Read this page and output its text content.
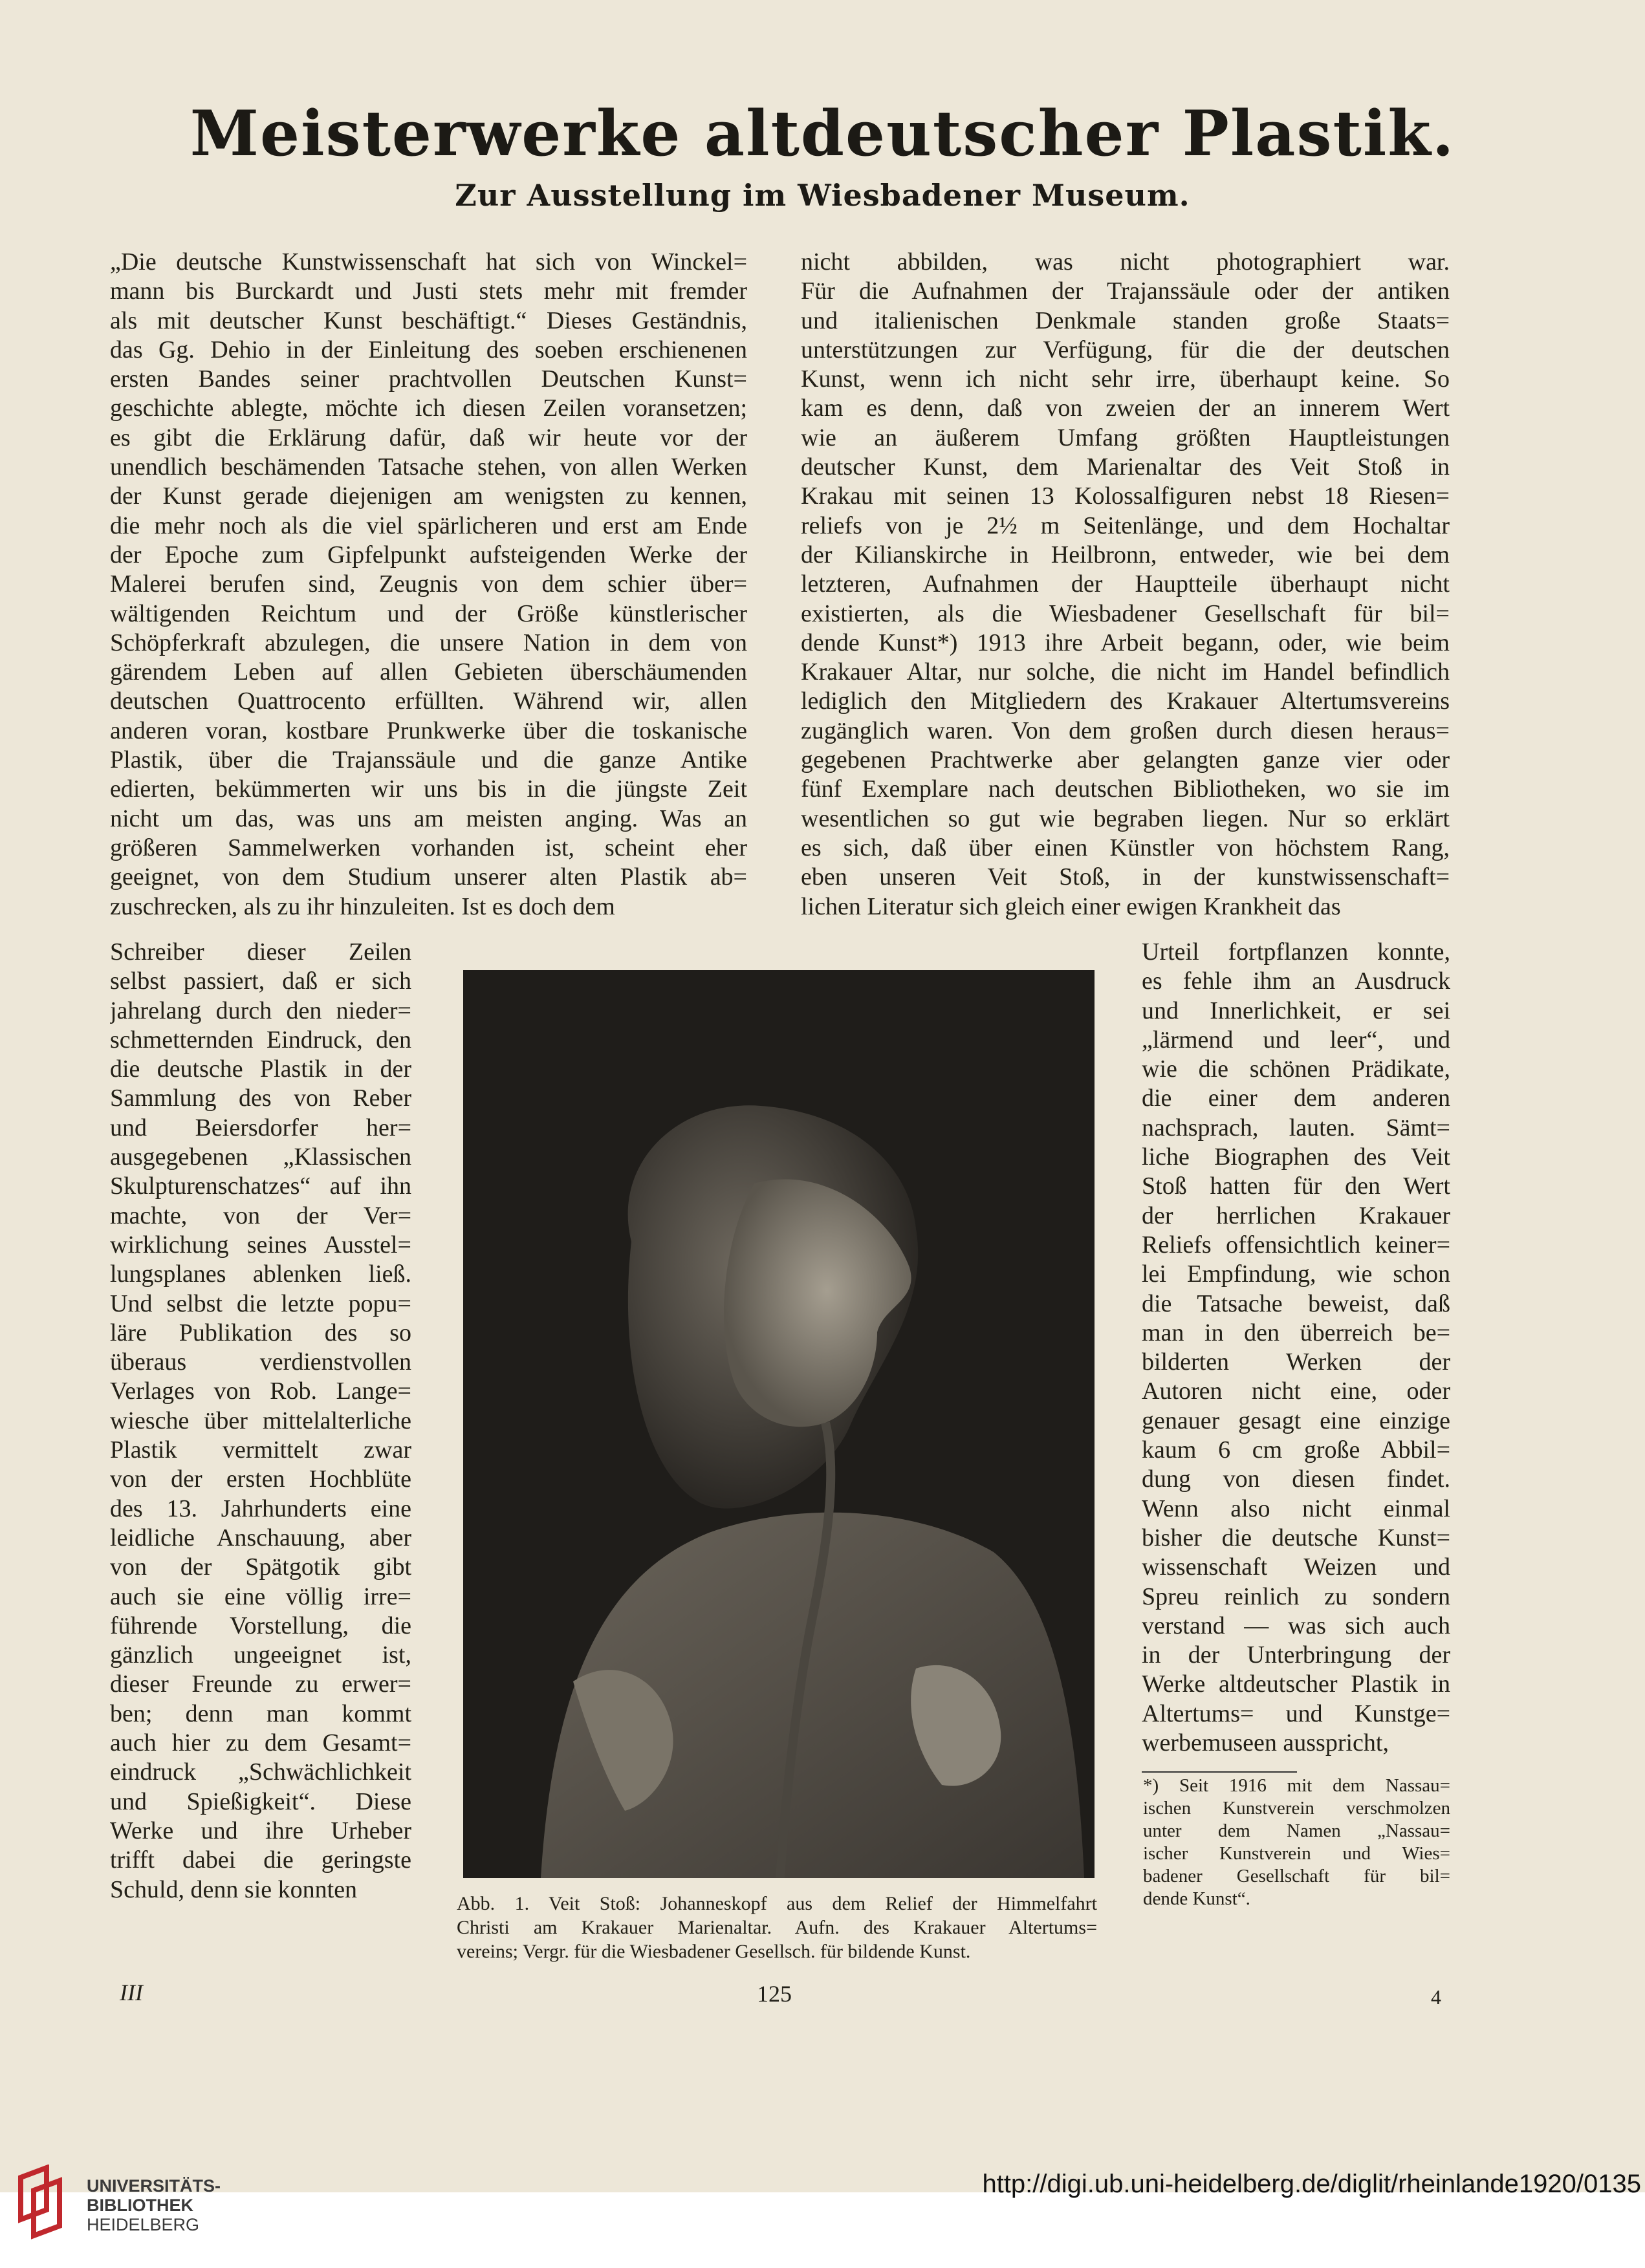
Meisterwerke altdeutscher Plastik.
Zur Ausstellung im Wiesbadener Museum.
„Die deutsche Kunstwissenschaft hat sich von Winckel=
mann bis Burckardt und Justi stets mehr mit fremder
als mit deutscher Kunst beschäftigt.“ Dieses Geständnis,
das Gg. Dehio in der Einleitung des soeben erschienenen
ersten Bandes seiner prachtvollen Deutschen Kunst=
geschichte ablegte, möchte ich diesen Zeilen voransetzen;
es gibt die Erklärung dafür, daß wir heute vor der
unendlich beschämenden Tatsache stehen, von allen Werken
der Kunst gerade diejenigen am wenigsten zu kennen,
die mehr noch als die viel spärlicheren und erst am Ende
der Epoche zum Gipfelpunkt aufsteigenden Werke der
Malerei berufen sind, Zeugnis von dem schier über=
wältigenden Reichtum und der Größe künstlerischer
Schöpferkraft abzulegen, die unsere Nation in dem von
gärendem Leben auf allen Gebieten überschäumenden
deutschen Quattrocento erfüllten. Während wir, allen
anderen voran, kostbare Prunkwerke über die toskanische
Plastik, über die Trajanssäule und die ganze Antike
edierten, bekümmerten wir uns bis in die jüngste Zeit
nicht um das, was uns am meisten anging. Was an
größeren Sammelwerken vorhanden ist, scheint eher
geeignet, von dem Studium unserer alten Plastik ab=
zuschrecken, als zu ihr hinzuleiten. Ist es doch dem
nicht abbilden, was nicht photographiert war.
Für die Aufnahmen der Trajanssäule oder der antiken
und italienischen Denkmale standen große Staats=
unterstützungen zur Verfügung, für die der deutschen
Kunst, wenn ich nicht sehr irre, überhaupt keine. So
kam es denn, daß von zweien der an innerem Wert
wie an äußerem Umfang größten Hauptleistungen
deutscher Kunst, dem Marienaltar des Veit Stoß in
Krakau mit seinen 13 Kolossalfiguren nebst 18 Riesen=
reliefs von je 2½ m Seitenlänge, und dem Hochaltar
der Kilianskirche in Heilbronn, entweder, wie bei dem
letzteren, Aufnahmen der Hauptteile überhaupt nicht
existierten, als die Wiesbadener Gesellschaft für bil=
dende Kunst*) 1913 ihre Arbeit begann, oder, wie beim
Krakauer Altar, nur solche, die nicht im Handel befindlich
lediglich den Mitgliedern des Krakauer Altertumsvereins
zugänglich waren. Von dem großen durch diesen heraus=
gegebenen Prachtwerke aber gelangten ganze vier oder
fünf Exemplare nach deutschen Bibliotheken, wo sie im
wesentlichen so gut wie begraben liegen. Nur so erklärt
es sich, daß über einen Künstler von höchstem Rang,
eben unseren Veit Stoß, in der kunstwissenschaft=
lichen Literatur sich gleich einer ewigen Krankheit das
Schreiber dieser Zeilen
selbst passiert, daß er sich
jahrelang durch den nieder=
schmetternden Eindruck, den
die deutsche Plastik in der
Sammlung des von Reber
und Beiersdorfer her=
ausgegebenen „Klassischen
Skulpturenschatzes“ auf ihn
machte, von der Ver=
wirklichung seines Ausstel=
lungsplanes ablenken ließ.
Und selbst die letzte popu=
läre Publikation des so
überaus verdienstvollen
Verlages von Rob. Lange=
wiesche über mittelalterliche
Plastik vermittelt zwar
von der ersten Hochblüte
des 13. Jahrhunderts eine
leidliche Anschauung, aber
von der Spätgotik gibt
auch sie eine völlig irre=
führende Vorstellung, die
gänzlich ungeeignet ist,
dieser Freunde zu erwer=
ben; denn man kommt
auch hier zu dem Gesamt=
eindruck „Schwächlichkeit
und Spießigkeit“. Diese
Werke und ihre Urheber
trifft dabei die geringste
Schuld, denn sie konnten
Urteil fortpflanzen konnte,
es fehle ihm an Ausdruck
und Innerlichkeit, er sei
„lärmend und leer“, und
wie die schönen Prädikate,
die einer dem anderen
nachsprach, lauten. Sämt=
liche Biographen des Veit
Stoß hatten für den Wert
der herrlichen Krakauer
Reliefs offensichtlich keiner=
lei Empfindung, wie schon
die Tatsache beweist, daß
man in den überreich be=
bilderten Werken der
Autoren nicht eine, oder
genauer gesagt eine einzige
kaum 6 cm große Abbil=
dung von diesen findet.
Wenn also nicht einmal
bisher die deutsche Kunst=
wissenschaft Weizen und
Spreu reinlich zu sondern
verstand — was sich auch
in der Unterbringung der
Werke altdeutscher Plastik in
Altertums= und Kunstge=
werbemuseen ausspricht,
Abb. 1. Veit Stoß: Johanneskopf aus dem Relief der Himmelfahrt
Christi am Krakauer Marienaltar. Aufn. des Krakauer Altertums=
vereins; Vergr. für die Wiesbadener Gesellsch. für bildende Kunst.
*) Seit 1916 mit dem Nassau=
ischen Kunstverein verschmolzen
unter dem Namen „Nassau=
ischer Kunstverein und Wies=
badener Gesellschaft für bil=
dende Kunst“.
III	125	4
UNIVERSITÄTS-
BIBLIOTHEK
HEIDELBERG
http://digi.ub.uni-heidelberg.de/diglit/rheinlande1920/0135
